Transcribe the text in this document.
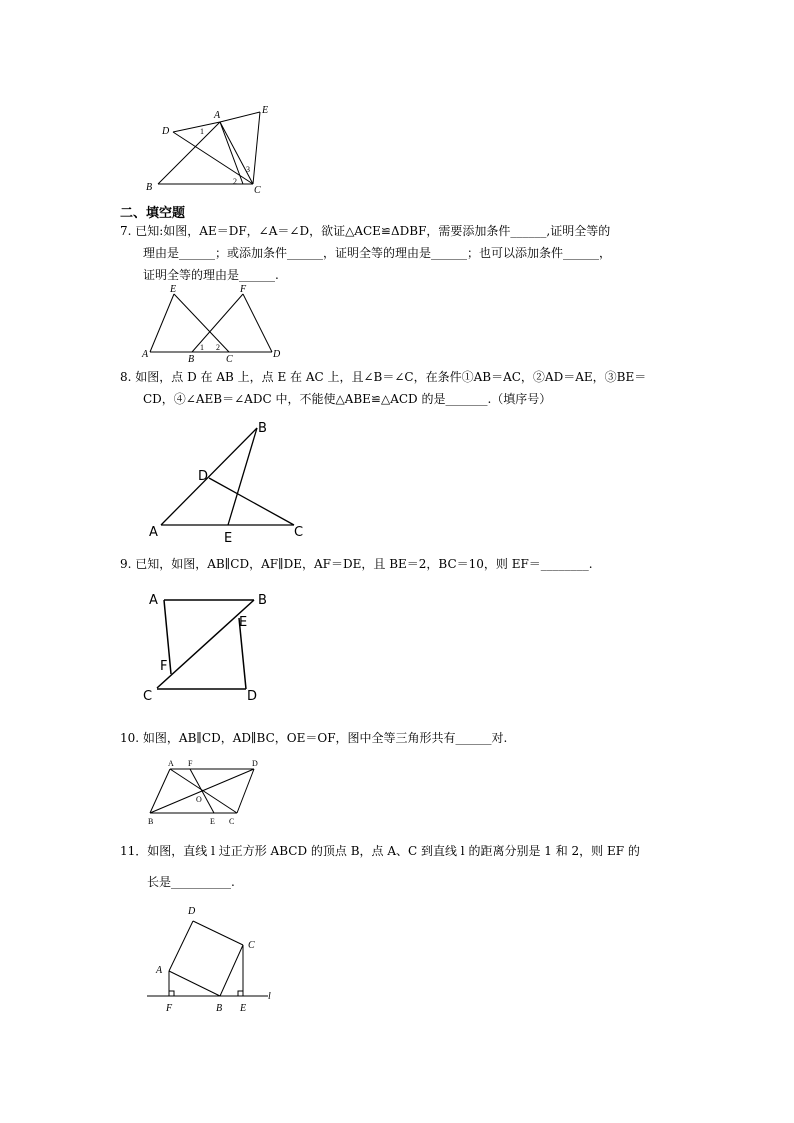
D
A	E
B	C
1
2
3
二、填空题
7. 已知:如图，AE＝DF，∠A＝∠D，欲证△ACE≌ΔDBF，需要添加条件______,证明全等的
理由是______；或添加条件______，证明全等的理由是______；也可以添加条件______，
证明全等的理由是______.
E	F
A	B	C	D
1 2
8. 如图，点 D 在 AB 上，点 E 在 AC 上，且∠B＝∠C，在条件①AB＝AC，②AD＝AE，③BE＝
CD，④∠AEB＝∠ADC 中，不能使△ABE≌△ACD 的是_______.（填序号）
B
D
A	E	C
9. 已知，如图，AB∥CD，AF∥DE，AF＝DE，且 BE＝2，BC＝10，则 EF＝________.
A	B
E
F
C	D
10. 如图，AB∥CD，AD∥BC，OE＝OF，图中全等三角形共有______对.
A F	D
O
B	E C
11．如图，直线 l 过正方形 ABCD 的顶点 B，点 A、C 到直线 l 的距离分别是 1 和 2，则 EF 的
长是__________.
D
C
A
F	B E
l
